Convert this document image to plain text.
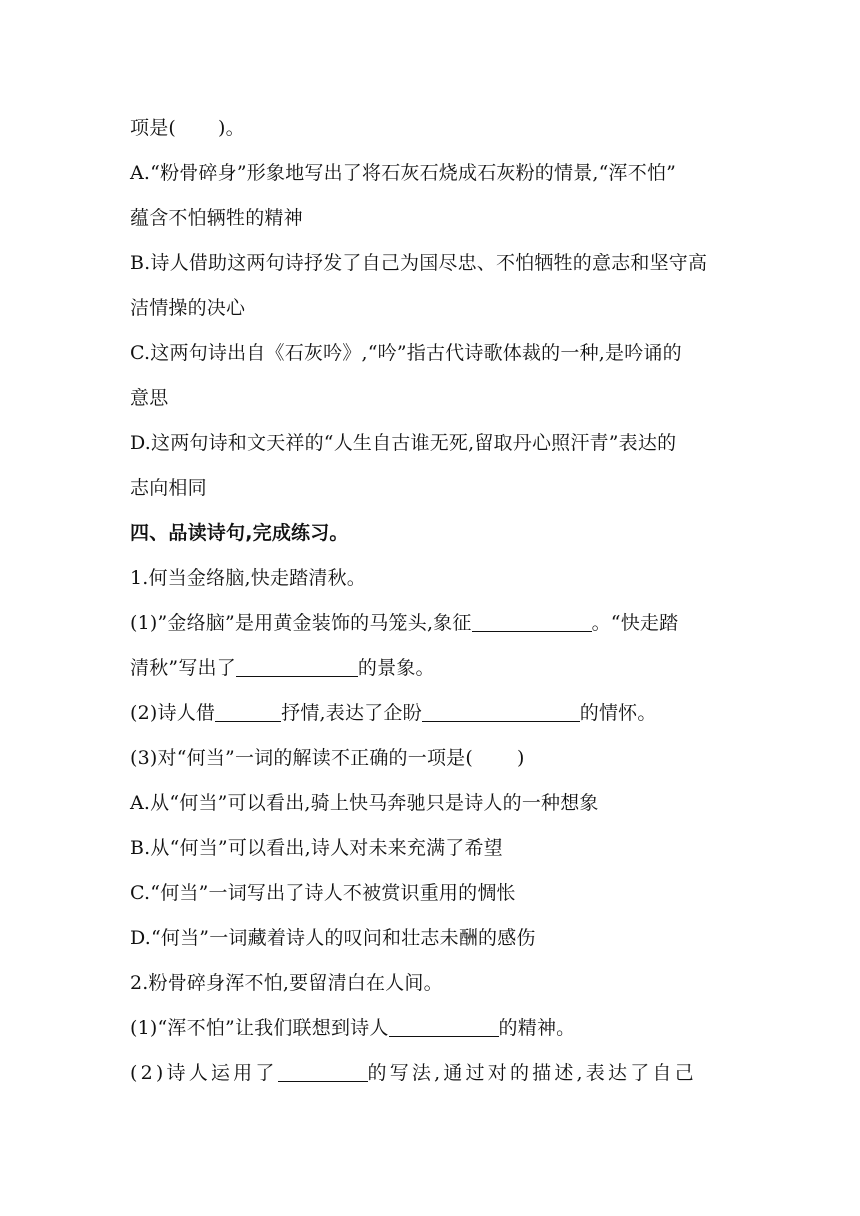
项是( )。
A.“粉骨碎身”形象地写出了将石灰石烧成石灰粉的情景,“浑不怕”
蕴含不怕辆牲的精神
B.诗人借助这两句诗抒发了自己为国尽忠、不怕牺牲的意志和坚守高
洁情操的决心
C.这两句诗出自《石灰吟》,“吟”指古代诗歌体裁的一种,是吟诵的
意思
D.这两句诗和文天祥的“人生自古谁无死,留取丹心照汗青”表达的
志向相同
四、品读诗句,完成练习。
1.何当金络脑,快走踏清秋。
(1)”金络脑”是用黄金装饰的马笼头,象征	。“快走踏
清秋”写出了	的景象。
(2)诗人借	抒情,表达了企盼	的情怀。
(3)对“何当”一词的解读不正确的一项是( )
A.从“何当”可以看出,骑上快马奔驰只是诗人的一种想象
B.从“何当”可以看出,诗人对未来充满了希望
C.“何当”一词写出了诗人不被赏识重用的惆怅
D.“何当”一词藏着诗人的叹问和壮志未酬的感伤
2.粉骨碎身浑不怕,要留清白在人间。
(1)“浑不怕”让我们联想到诗人	的精神。
(2)诗人运用了	的写法,通过对的描述,表达了自己
